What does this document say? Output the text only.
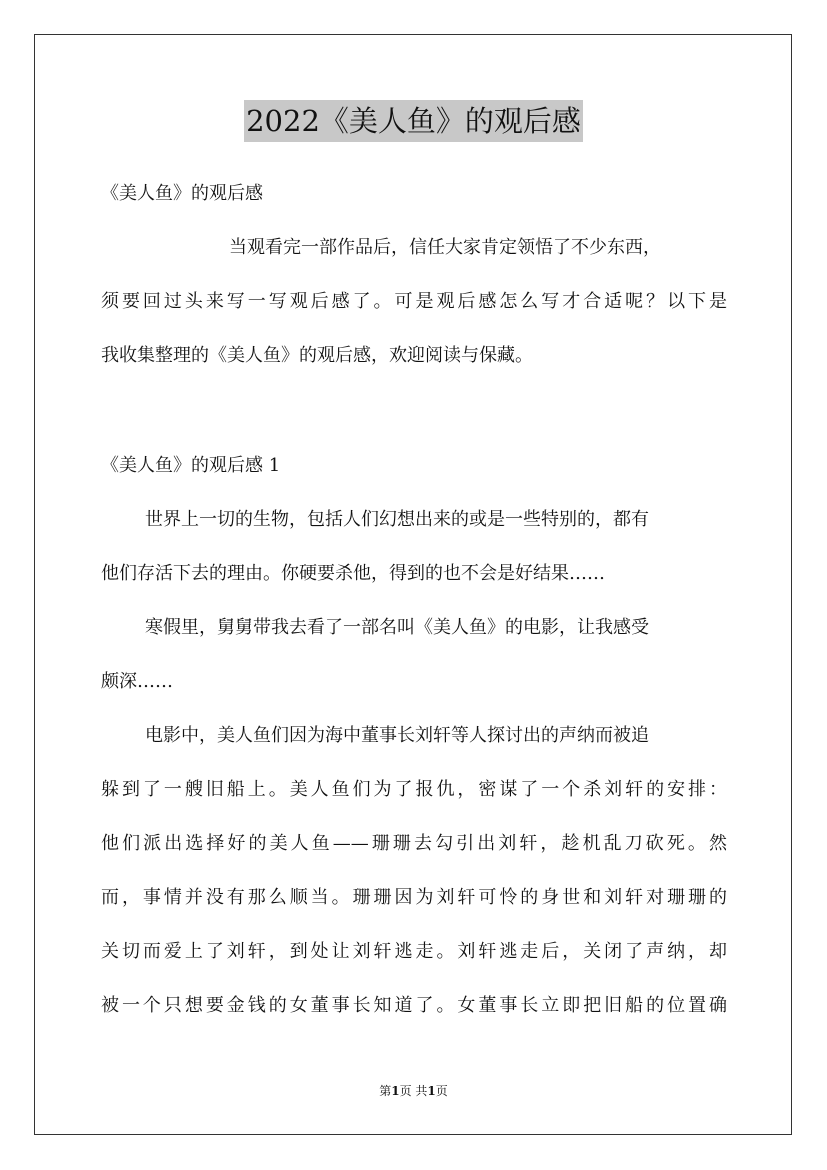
2022《美人鱼》的观后感
《美人鱼》的观后感
当观看完一部作品后，信任大家肯定领悟了不少东西，
须要回过头来写一写观后感了。可是观后感怎么写才合适呢？以下是
我收集整理的《美人鱼》的观后感，欢迎阅读与保藏。
《美人鱼》的观后感 1
世界上一切的生物，包括人们幻想出来的或是一些特别的，都有
他们存活下去的理由。你硬要杀他，得到的也不会是好结果……
寒假里，舅舅带我去看了一部名叫《美人鱼》的电影，让我感受
颇深……
电影中，美人鱼们因为海中董事长刘轩等人探讨出的声纳而被追
躲到了一艘旧船上。美人鱼们为了报仇，密谋了一个杀刘轩的安排：
他们派出选择好的美人鱼——珊珊去勾引出刘轩，趁机乱刀砍死。然
而，事情并没有那么顺当。珊珊因为刘轩可怜的身世和刘轩对珊珊的
关切而爱上了刘轩，到处让刘轩逃走。刘轩逃走后，关闭了声纳，却
被一个只想要金钱的女董事长知道了。女董事长立即把旧船的位置确
第1页 共1页
